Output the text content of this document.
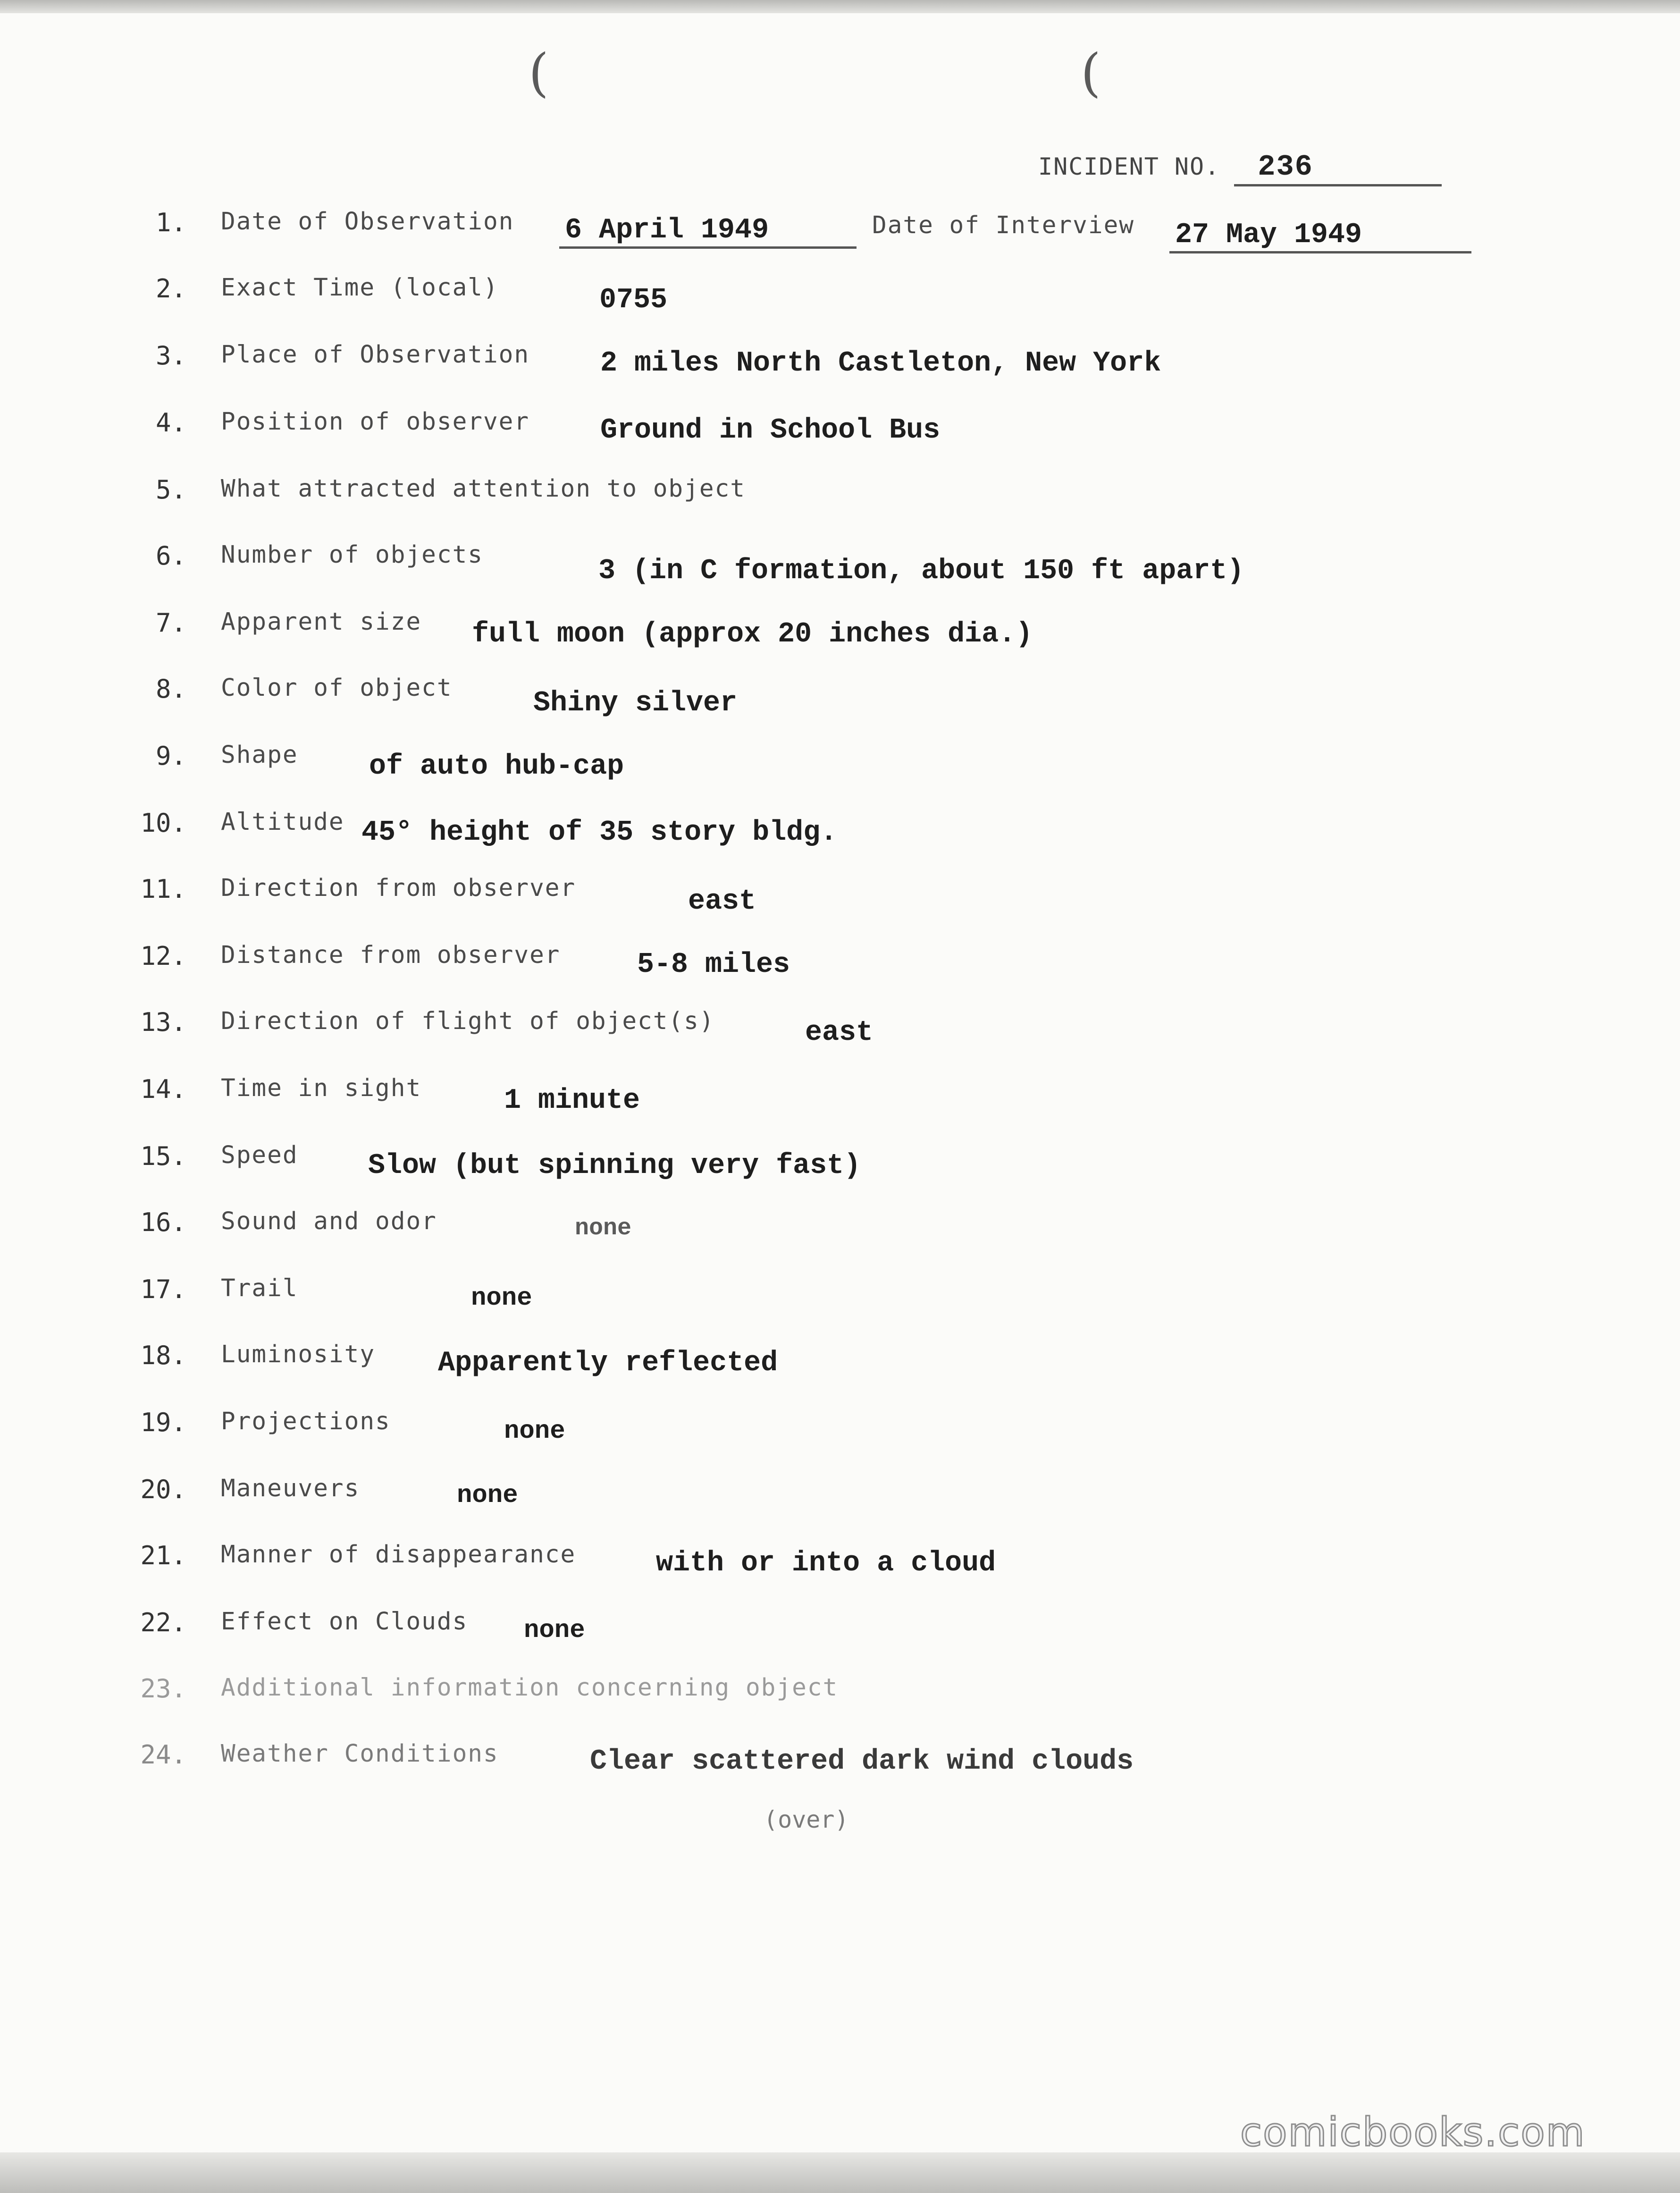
(	(
INCIDENT NO. 236
1. Date of Observation 6 April 1949	Date of Interview 27 May 1949
2. Exact Time (local)	0755
3. Place of Observation 2 miles North Castleton, New York
4. Position of observer Ground in School Bus
5. What attracted attention to object
6. Number of objects
3 (in C formation, about 150 ft apart)
7. Apparent size full moon (approx 20 inches dia.)
8. Color of object	Shiny silver
9. Shape	of auto hub-cap
10. Altitude 45° height of 35 story bldg.
11. Direction from observer	east
12. Distance from observer	5-8 miles
13. Direction of flight of object(s)	east
14. Time in sight	1 minute
15. Speed Slow (but spinning very fast)
16. Sound and odor	none
17. Trail	none
18. Luminosity Apparently reflected
19. Projections	none
20. Maneuvers	none
21. Manner of disappearance	with or into a cloud
22. Effect on Clouds none
23. Additional information concerning object
24. Weather Conditions	Clear scattered dark wind clouds
(over)
comicbooks.com
